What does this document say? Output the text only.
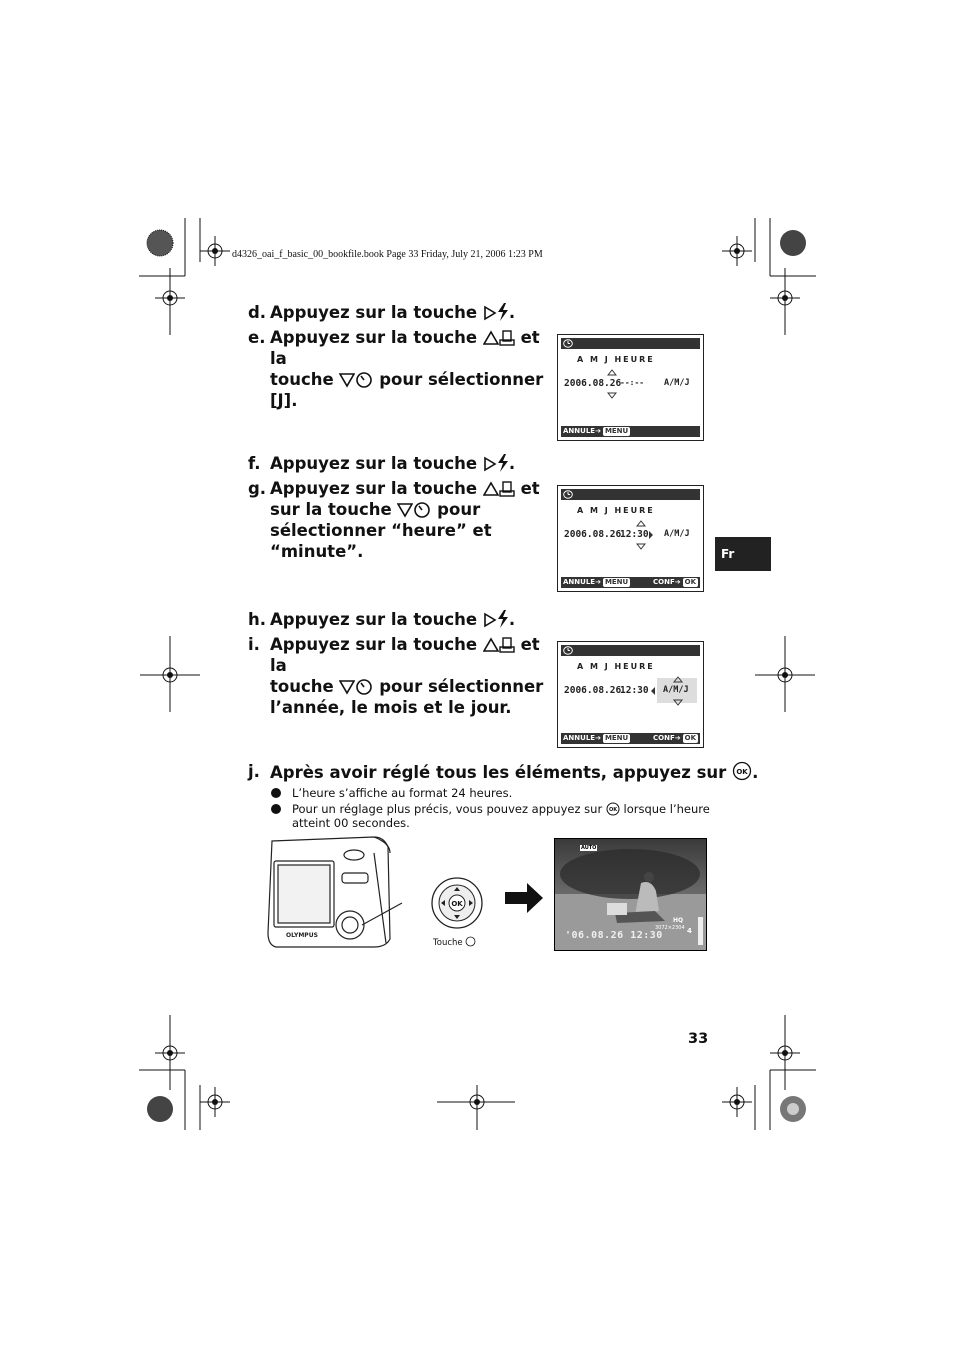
d4326_oai_f_basic_00_bookfile.book Page 33 Friday, July 21, 2006 1:23 PM
d. Appuyez sur la touche .
e. Appuyez sur la touche	et la
touche	pour sélectionner
[J].
f. Appuyez sur la touche .
g. Appuyez sur la touche	et
sur la touche	pour
sélectionner “heure” et
“minute”.
h. Appuyez sur la touche .
i. Appuyez sur la touche	et la
touche	pour sélectionner
l’année, le mois et le jour.
j. Après avoir réglé tous les éléments, appuyez sur OK .
L’heure s’affiche au format 24 heures.
Pour un réglage plus précis, vous pouvez appuyez sur OK lorsque l’heure
atteint 00 secondes.
A M J HEURE
2006.08.26
--:-- A/M/J
ANNULE➔ MENU
A M J HEURE
2006.08.26
12:30 A/M/J
ANNULE➔ MENU	CONF➔ OK
A M J HEURE
2006.08.26
12:30 A/M/J
ANNULE➔ MENU	CONF➔ OK
OLYMPUS
OK
Touche
AUTO
HQ
3072×2304 4
'06.08.26 12:30
Fr
33
